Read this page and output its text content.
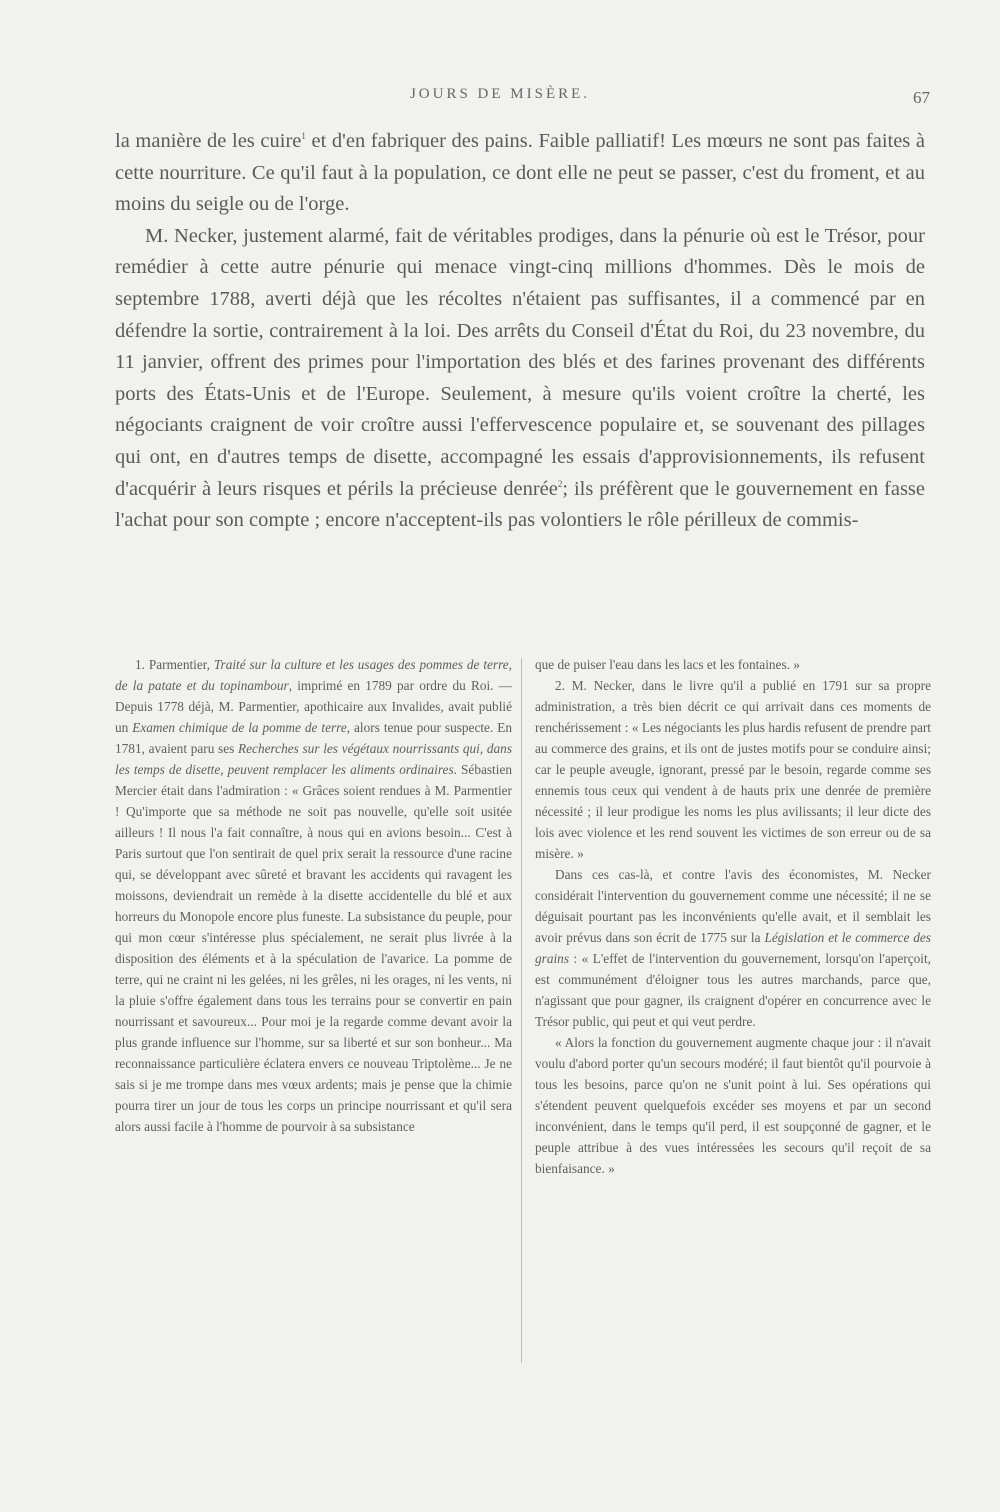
JOURS DE MISÈRE.	67

la manière de les cuire$^1$ et d'en fabriquer des pains. Faible palliatif! Les mœurs ne sont pas faites à cette nourriture. Ce qu'il faut à la population, ce dont elle ne peut se passer, c'est du froment, et au moins du seigle ou de l'orge.

M. Necker, justement alarmé, fait de véritables prodiges, dans la pénurie où est le Trésor, pour remédier à cette autre pénurie qui menace vingt-cinq millions d'hommes. Dès le mois de septembre 1788, averti déjà que les récoltes n'étaient pas suffisantes, il a commencé par en défendre la sortie, contrairement à la loi. Des arrêts du Conseil d'État du Roi, du 23 novembre, du 11 janvier, offrent des primes pour l'importation des blés et des farines provenant des différents ports des États-Unis et de l'Europe. Seulement, à mesure qu'ils voient croître la cherté, les négociants craignent de voir croître aussi l'effervescence populaire et, se souvenant des pillages qui ont, en d'autres temps de disette, accompagné les essais d'approvisionnements, ils refusent d'acquérir à leurs risques et périls la précieuse denrée$^2$; ils préfèrent que le gouvernement en fasse l'achat pour son compte ; encore n'acceptent-ils pas volontiers le rôle périlleux de commis-

1. Parmentier, Traité sur la culture et les usages des pommes de terre, de la patate et du topinambour, imprimé en 1789 par ordre du Roi. — Depuis 1778 déjà, M. Parmentier, apothicaire aux Invalides, avait publié un Examen chimique de la pomme de terre, alors tenue pour suspecte. En 1781, avaient paru ses Recherches sur les végétaux nourrissants qui, dans les temps de disette, peuvent remplacer les aliments ordinaires. Sébastien Mercier était dans l'admiration : « Grâces soient rendues à M. Parmentier ! Qu'importe que sa méthode ne soit pas nouvelle, qu'elle soit usitée ailleurs ! Il nous l'a fait connaître, à nous qui en avions besoin... C'est à Paris surtout que l'on sentirait de quel prix serait la ressource d'une racine qui, se développant avec sûreté et bravant les accidents qui ravagent les moissons, deviendrait un remède à la disette accidentelle du blé et aux horreurs du Monopole encore plus funeste. La subsistance du peuple, pour qui mon cœur s'intéresse plus spécialement, ne serait plus livrée à la disposition des éléments et à la spéculation de l'avarice. La pomme de terre, qui ne craint ni les gelées, ni les grêles, ni les orages, ni les vents, ni la pluie s'offre également dans tous les terrains pour se convertir en pain nourrissant et savoureux... Pour moi je la regarde comme devant avoir la plus grande influence sur l'homme, sur sa liberté et sur son bonheur... Ma reconnaissance particulière éclatera envers ce nouveau Triptolème... Je ne sais si je me trompe dans mes vœux ardents; mais je pense que la chimie pourra tirer un jour de tous les corps un principe nourrissant et qu'il sera alors aussi facile à l'homme de pourvoir à sa subsistance

que de puiser l'eau dans les lacs et les fontaines. »

2. M. Necker, dans le livre qu'il a publié en 1791 sur sa propre administration, a très bien décrit ce qui arrivait dans ces moments de renchérissement : « Les négociants les plus hardis refusent de prendre part au commerce des grains, et ils ont de justes motifs pour se conduire ainsi; car le peuple aveugle, ignorant, pressé par le besoin, regarde comme ses ennemis tous ceux qui vendent à de hauts prix une denrée de première nécessité ; il leur prodigue les noms les plus avilissants; il leur dicte des lois avec violence et les rend souvent les victimes de son erreur ou de sa misère. »

Dans ces cas-là, et contre l'avis des économistes, M. Necker considérait l'intervention du gouvernement comme une nécessité; il ne se déguisait pourtant pas les inconvénients qu'elle avait, et il semblait les avoir prévus dans son écrit de 1775 sur la Législation et le commerce des grains : « L'effet de l'intervention du gouvernement, lorsqu'on l'aperçoit, est communément d'éloigner tous les autres marchands, parce que, n'agissant que pour gagner, ils craignent d'opérer en concurrence avec le Trésor public, qui peut et qui veut perdre.

« Alors la fonction du gouvernement augmente chaque jour : il n'avait voulu d'abord porter qu'un secours modéré; il faut bientôt qu'il pourvoie à tous les besoins, parce qu'on ne s'unit point à lui. Ses opérations qui s'étendent peuvent quelquefois excéder ses moyens et par un second inconvénient, dans le temps qu'il perd, il est soupçonné de gagner, et le peuple attribue à des vues intéressées les secours qu'il reçoit de sa bienfaisance. »
